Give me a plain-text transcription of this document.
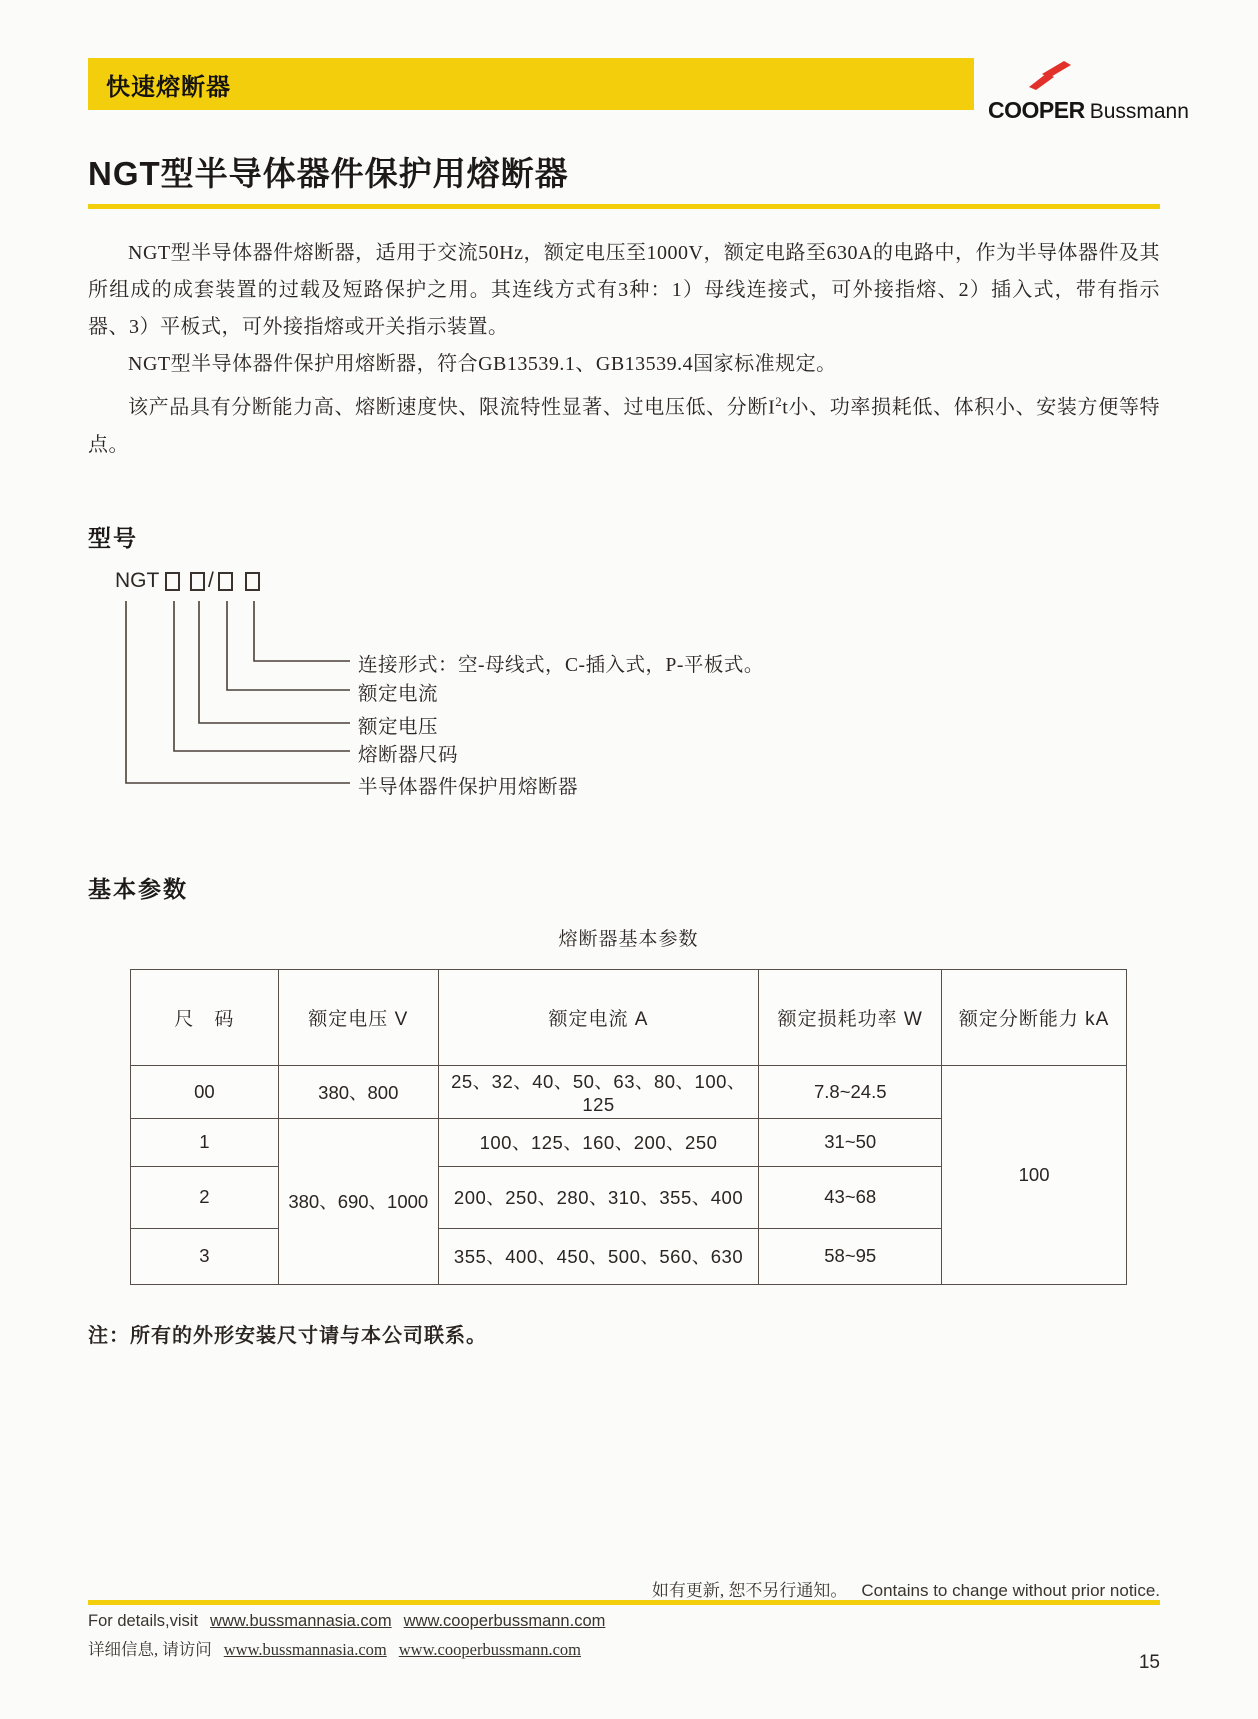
快速熔断器
COOPER Bussmann
NGT型半导体器件保护用熔断器

NGT型半导体器件熔断器，适用于交流50Hz，额定电压至1000V，额定电路至630A的电路中，作为半导体器件及其所组成的成套装置的过载及短路保护之用。其连线方式有3种：1）母线连接式，可外接指熔、2）插入式，带有指示器、3）平板式，可外接指熔或开关指示装置。

NGT型半导体器件保护用熔断器，符合GB13539.1、GB13539.4国家标准规定。

该产品具有分断能力高、熔断速度快、限流特性显著、过电压低、分断$I^2t$小、功率损耗低、体积小、安装方便等特点。

型号
NGT /
连接形式：空-母线式，C-插入式，P-平板式。
额定电流
额定电压
熔断器尺码
半导体器件保护用熔断器
基本参数
熔断器基本参数
尺　码	额定电压 V	额定电流 A	额定损耗功率 W	额定分断能力 kA
00	380、800	25、32、40、50、63、80、100、125	7.8~24.5	100
1	380、690、1000	100、125、160、200、250	31~50	
2		200、250、280、310、355、400	43~68	
3		355、400、450、500、560、630	58~95	
注：所有的外形安装尺寸请与本公司联系。
如有更新, 恕不另行通知。 Contains to change without prior notice.
For details,visit www.bussmannasia.com www.cooperbussmann.com
详细信息, 请访问 www.bussmannasia.com www.cooperbussmann.com
15
